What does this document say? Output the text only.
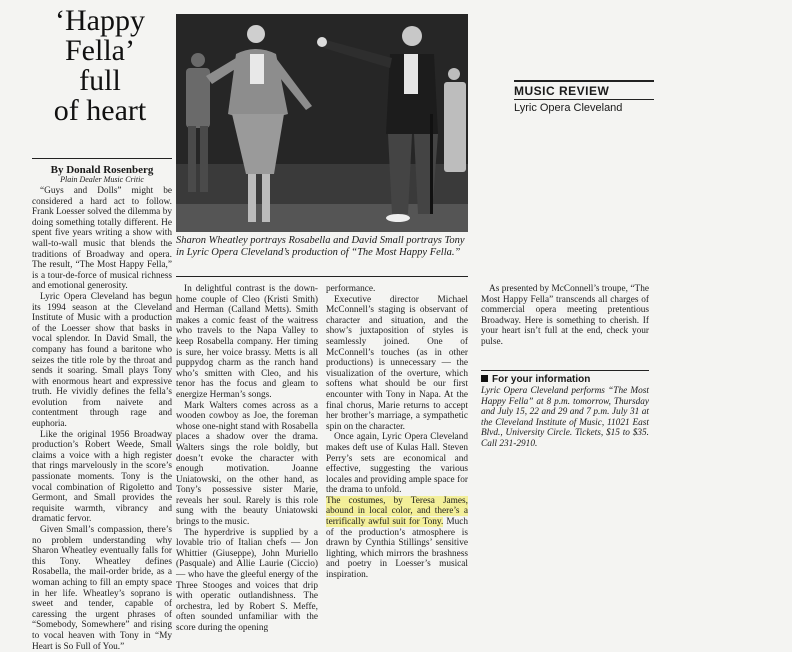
‘Happy
Fella’
full
of heart
By Donald Rosenberg
Plain Dealer Music Critic

“Guys and Dolls” might be considered a hard act to follow. Frank Loesser solved the dilemma by doing something totally different. He spent five years writing a show with wall-to-wall music that blends the traditions of Broadway and opera. The result, “The Most Happy Fella,” is a tour-de-force of musical richness and emotional generosity.

Lyric Opera Cleveland has begun its 1994 season at the Cleveland Institute of Music with a production of the Loesser show that basks in vocal splendor. In David Small, the company has found a baritone who seizes the title role by the throat and sends it soaring. Small plays Tony with enormous heart and expressive truth. He vividly defines the fella’s evolution from naivete and contentment through rage and euphoria.

Like the original 1956 Broadway production’s Robert Weede, Small claims a voice with a high register that rings marvelously in the score’s passionate moments. Tony is the vocal combination of Rigoletto and Germont, and Small provides the requisite warmth, vibrancy and dramatic fervor.

Given Small’s compassion, there’s no problem understanding why Sharon Wheatley eventually falls for this Tony. Wheatley defines Rosabella, the mail-order bride, as a woman aching to fill an empty space in her life. Wheatley’s soprano is sweet and tender, capable of caressing the urgent phrases of “Somebody, Somewhere” and rising to vocal heaven with Tony in “My Heart is So Full of You.”

Sharon Wheatley portrays Rosabella and David Small portrays Tony in Lyric Opera Cleveland’s production of “The Most Happy Fella.”

In delightful contrast is the down-home couple of Cleo (Kristi Smith) and Herman (Calland Metts). Smith makes a comic feast of the waitress who travels to the Napa Valley to keep Rosabella company. Her timing is sure, her voice brassy. Metts is all puppydog charm as the ranch hand who’s smitten with Cleo, and his tenor has the focus and gleam to energize Herman’s songs.

Mark Walters comes across as a wooden cowboy as Joe, the foreman whose one-night stand with Rosabella places a shadow over the drama. Walters sings the role boldly, but doesn’t evoke the character with enough motivation. Joanne Uniatowski, on the other hand, as Tony’s possessive sister Marie, reveals her soul. Rarely is this role sung with the beauty Uniatowski brings to the music.

The hyperdrive is supplied by a lovable trio of Italian chefs — Jon Whittier (Giuseppe), John Muriello (Pasquale) and Allie Laurie (Ciccio) — who have the gleeful energy of the Three Stooges and voices that drip with operatic outlandishness. The orchestra, led by Robert S. Meffe, often sounded unfamiliar with the score during the opening

performance.

Executive director Michael McConnell’s staging is observant of character and situation, and the show’s juxtaposition of styles is seamlessly joined. One of McConnell’s touches (as in other productions) is unnecessary — the visualization of the overture, which softens what should be our first encounter with Tony in Napa. At the final chorus, Marie returns to accept her brother’s marriage, a sympathetic spin on the character.

Once again, Lyric Opera Cleveland makes deft use of Kulas Hall. Steven Perry’s sets are economical and effective, suggesting the various locales and providing ample space for the drama to unfold.

The costumes, by Teresa James, abound in local color, and there’s a terrifically awful suit for Tony. Much of the production’s atmosphere is drawn by Cynthia Stillings’ sensitive lighting, which mirrors the brashness and poetry in Loesser’s musical inspiration.

As presented by McConnell’s troupe, “The Most Happy Fella” transcends all charges of commercial opera meeting pretentious Broadway. Here is something to cherish. If your heart isn’t full at the end, check your pulse.

For your information
Lyric Opera Cleveland performs “The Most Happy Fella” at 8 p.m. tomorrow, Thursday and July 15, 22 and 29 and 7 p.m. July 31 at the Cleveland Institute of Music, 11021 East Blvd., University Circle. Tickets, $15 to $35. Call 231-2910.
MUSIC REVIEW
Lyric Opera Cleveland
